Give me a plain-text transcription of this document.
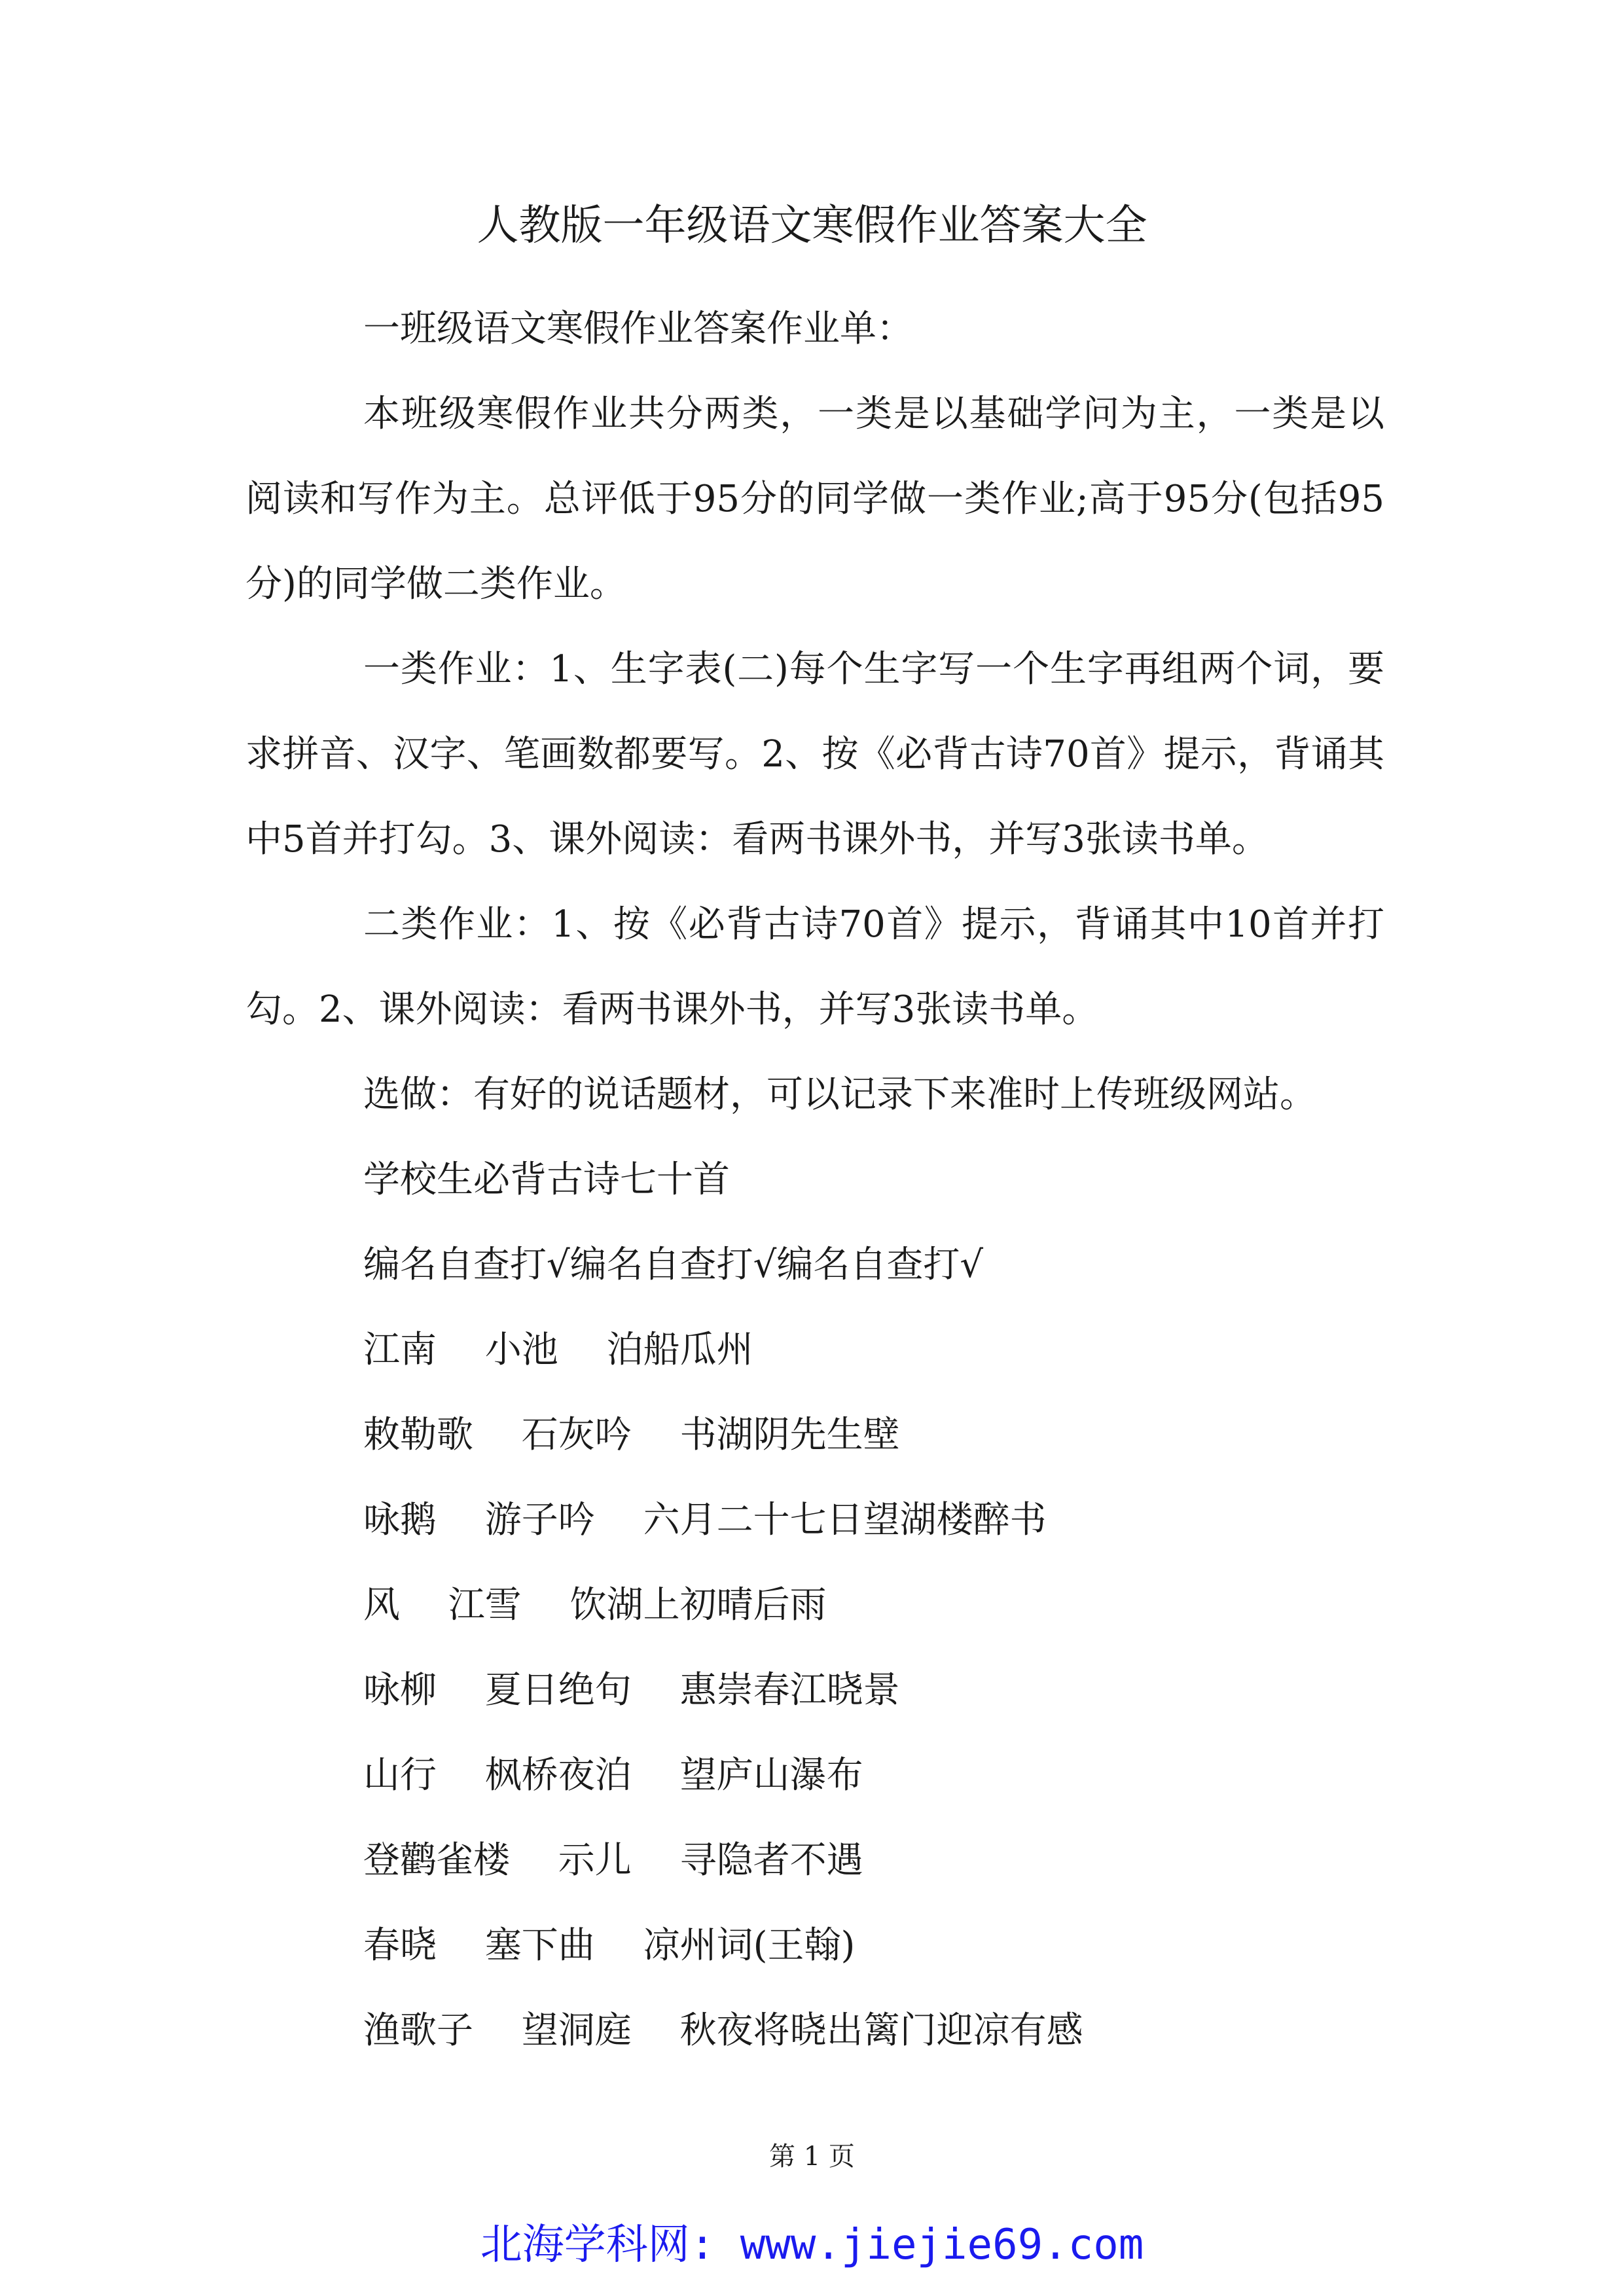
人教版一年级语文寒假作业答案大全

一班级语文寒假作业答案作业单：

本班级寒假作业共分两类，一类是以基础学问为主，一类是以阅读和写作为主。总评低于95分的同学做一类作业;高于95分(包括95分)的同学做二类作业。

一类作业：1、生字表(二)每个生字写一个生字再组两个词，要求拼音、汉字、笔画数都要写。2、按《必背古诗70首》提示，背诵其中5首并打勾。3、课外阅读：看两书课外书，并写3张读书单。

二类作业：1、按《必背古诗70首》提示，背诵其中10首并打勾。2、课外阅读：看两书课外书，并写3张读书单。

选做：有好的说话题材，可以记录下来准时上传班级网站。

学校生必背古诗七十首

编名自查打√编名自查打√编名自查打√

江南　 小池　 泊船瓜州

敕勒歌　 石灰吟　 书湖阴先生壁

咏鹅　 游子吟　 六月二十七日望湖楼醉书

风　 江雪　 饮湖上初晴后雨

咏柳　 夏日绝句　 惠崇春江晓景

山行　 枫桥夜泊　 望庐山瀑布

登鹳雀楼　 示儿　 寻隐者不遇

春晓　 塞下曲　 凉州词(王翰)

渔歌子　 望洞庭　 秋夜将晓出篱门迎凉有感

第 1 页
北海学科网: www.jiejie69.com
